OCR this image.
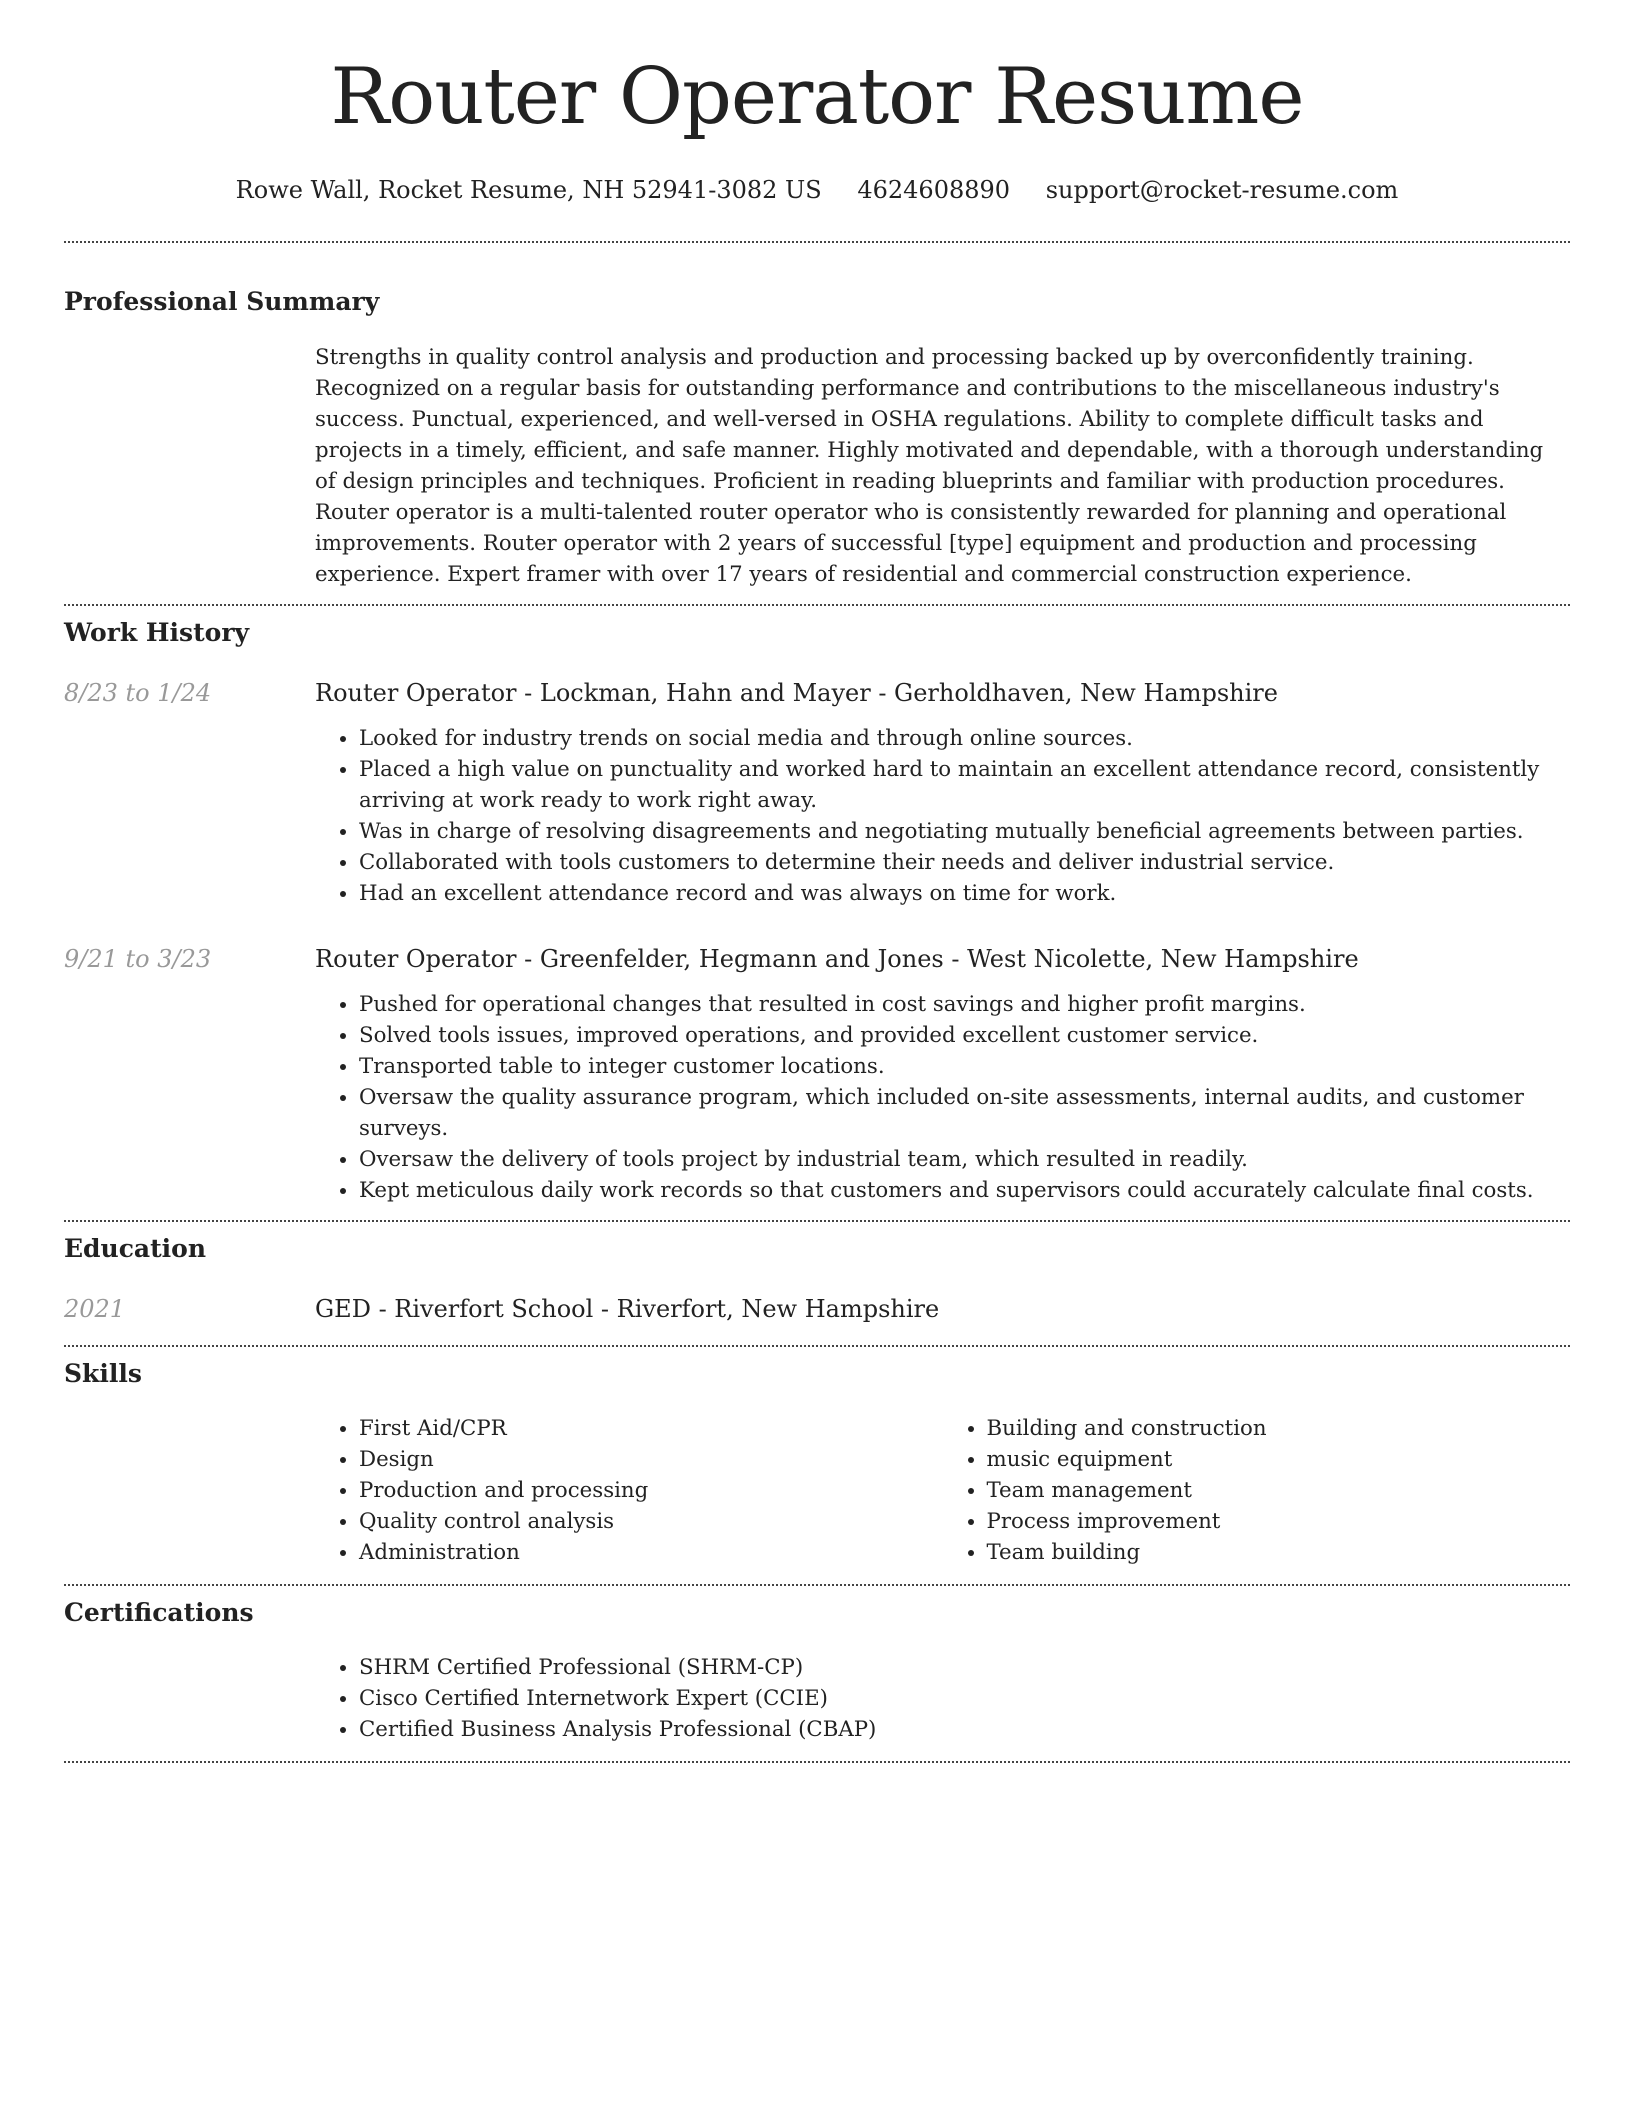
Router Operator Resume
Rowe Wall, Rocket Resume, NH 52941-3082 US 4624608890 support@rocket-resume.com
Professional Summary
Strengths in quality control analysis and production and processing backed up by overconfidently training. Recognized on a regular basis for outstanding performance and contributions to the miscellaneous industry's success. Punctual, experienced, and well-versed in OSHA regulations. Ability to complete difficult tasks and projects in a timely, efficient, and safe manner. Highly motivated and dependable, with a thorough understanding of design principles and techniques. Proficient in reading blueprints and familiar with production procedures. Router operator is a multi-talented router operator who is consistently rewarded for planning and operational improvements. Router operator with 2 years of successful [type] equipment and production and processing experience. Expert framer with over 17 years of residential and commercial construction experience.
Work History
8/23 to 1/24	Router Operator - Lockman, Hahn and Mayer - Gerholdhaven, New Hampshire
• Looked for industry trends on social media and through online sources.
• Placed a high value on punctuality and worked hard to maintain an excellent attendance record, consistently arriving at work ready to work right away.
• Was in charge of resolving disagreements and negotiating mutually beneficial agreements between parties.
• Collaborated with tools customers to determine their needs and deliver industrial service.
• Had an excellent attendance record and was always on time for work.
9/21 to 3/23	Router Operator - Greenfelder, Hegmann and Jones - West Nicolette, New Hampshire
• Pushed for operational changes that resulted in cost savings and higher profit margins.
• Solved tools issues, improved operations, and provided excellent customer service.
• Transported table to integer customer locations.
• Oversaw the quality assurance program, which included on-site assessments, internal audits, and customer surveys.
• Oversaw the delivery of tools project by industrial team, which resulted in readily.
• Kept meticulous daily work records so that customers and supervisors could accurately calculate final costs.
Education
2021	GED - Riverfort School - Riverfort, New Hampshire
Skills
• First Aid/CPR
• Design
• Production and processing
• Quality control analysis
• Administration
• Building and construction
• music equipment
• Team management
• Process improvement
• Team building
Certifications
• SHRM Certified Professional (SHRM-CP)
• Cisco Certified Internetwork Expert (CCIE)
• Certified Business Analysis Professional (CBAP)
